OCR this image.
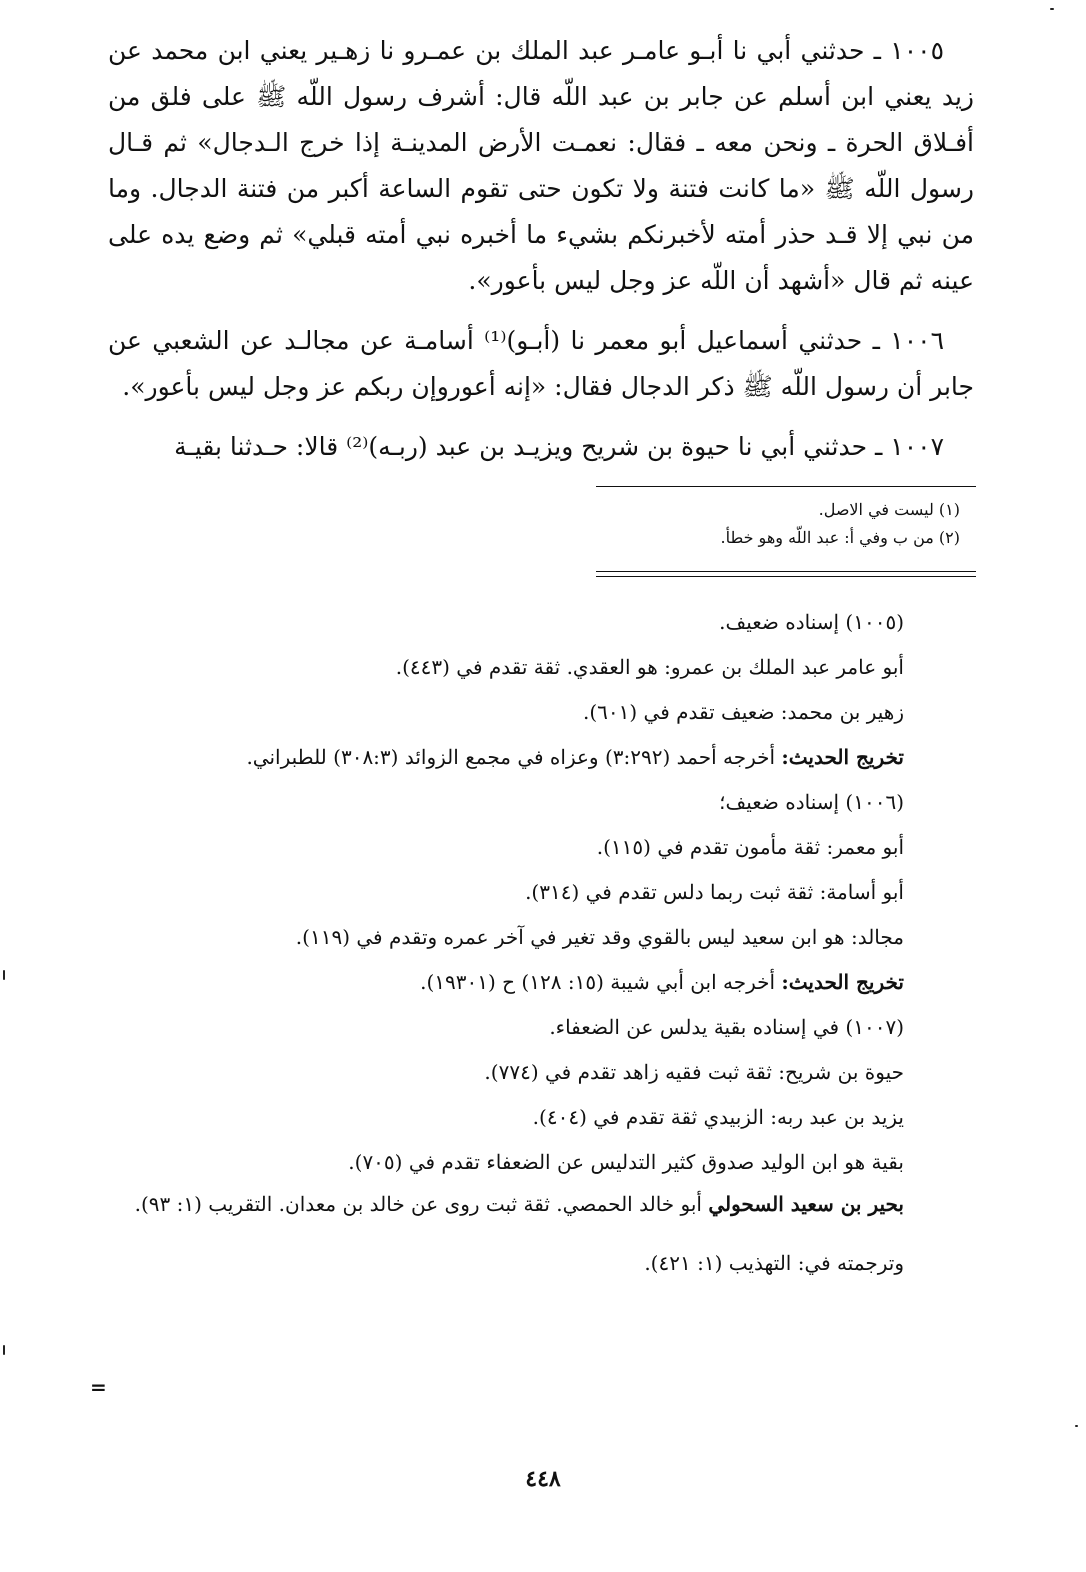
١٠٠٥ ـ حدثني أبي نا أبـو عامـر عبد الملك بن عمـرو نا زهـير يعني ابن محمد عن زيد يعني ابن أسلم عن جابر بن عبد اللّه قال: أشرف رسول اللّه ﷺ على فلق من أفـلاق الحرة ـ ونحن معه ـ فقال: نعمـت الأرض المدينـة إذا خرج الـدجال» ثم قـال رسول اللّه ﷺ «ما كانت فتنة ولا تكون حتى تقوم الساعة أكبر من فتنة الدجال. وما من نبي إلا قـد حذر أمته لأخبرنكم بشيء ما أخبره نبي أمته قبلي» ثم وضع يده على عينه ثم قال «أشهد أن اللّه عز وجل ليس بأعور».

١٠٠٦ ـ حدثني أسماعيل أبو معمر نا (أبـو)⁽¹⁾ أسامـة عن مجالـد عن الشعبي عن جابر أن رسول اللّه ﷺ ذكر الدجال فقال: «إنه أعوروإن ربكم عز وجل ليس بأعور».

١٠٠٧ ـ حدثني أبي نا حيوة بن شريح ويزيـد بن عبد (ربـه)⁽²⁾ قالا: حـدثنا بقيـة

(١) ليست في الاصل.
(٢) من ب وفي أ: عبد اللّه وهو خطأ.
(١٠٠٥) إسناده ضعيف.
أبو عامر عبد الملك بن عمرو: هو العقدي. ثقة تقدم في (٤٤٣).
زهير بن محمد: ضعيف تقدم في (٦٠١).
تخريج الحديث: أخرجه أحمد (٣:٢٩٢) وعزاه في مجمع الزوائد (٣٠٨:٣) للطبراني.
(١٠٠٦) إسناده ضعيف؛
أبو معمر: ثقة مأمون تقدم في (١١٥).
أبو أسامة: ثقة ثبت ربما دلس تقدم في (٣١٤).
مجالد: هو ابن سعيد ليس بالقوي وقد تغير في آخر عمره وتقدم في (١١٩).
تخريج الحديث: أخرجه ابن أبي شيبة (١٥: ١٢٨) ح (١٩٣٠١).
(١٠٠٧) في إسناده بقية يدلس عن الضعفاء.
حيوة بن شريح: ثقة ثبت فقيه زاهد تقدم في (٧٧٤).
يزيد بن عبد ربه: الزبيدي ثقة تقدم في (٤٠٤).
بقية هو ابن الوليد صدوق كثير التدليس عن الضعفاء تقدم في (٧٠٥).
بحير بن سعيد السحولي أبو خالد الحمصي. ثقة ثبت روى عن خالد بن معدان. التقريب (١: ٩٣).
وترجمته في: التهذيب (١: ٤٢١).
=
٤٤٨
